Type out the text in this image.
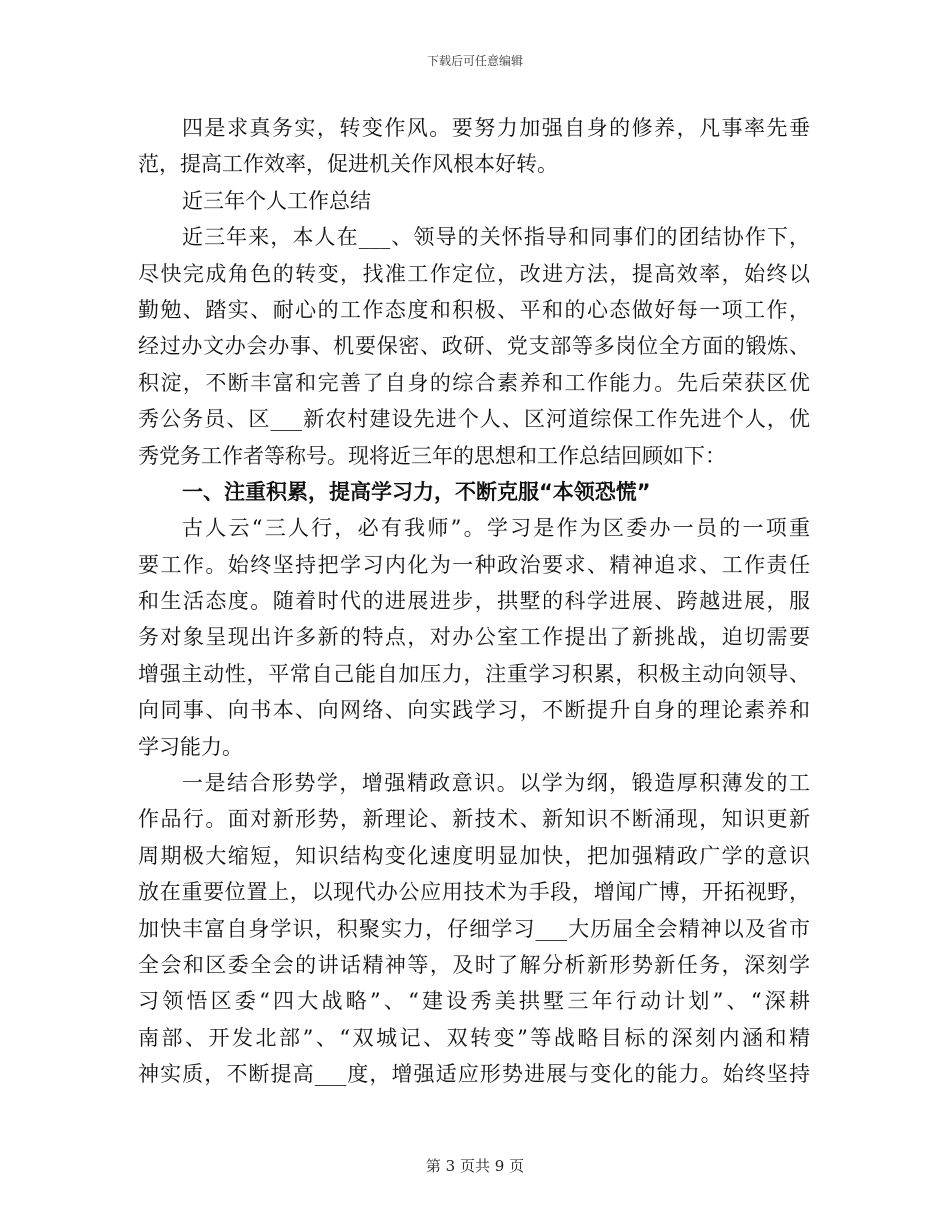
下载后可任意编辑
四是求真务实，转变作风。要努力加强自身的修养，凡事率先垂
范，提高工作效率，促进机关作风根本好转。
近三年个人工作总结
近三年来，本人在___、领导的关怀指导和同事们的团结协作下，
尽快完成角色的转变，找准工作定位，改进方法，提高效率，始终以
勤勉、踏实、耐心的工作态度和积极、平和的心态做好每一项工作，
经过办文办会办事、机要保密、政研、党支部等多岗位全方面的锻炼、
积淀，不断丰富和完善了自身的综合素养和工作能力。先后荣获区优
秀公务员、区___新农村建设先进个人、区河道综保工作先进个人，优
秀党务工作者等称号。现将近三年的思想和工作总结回顾如下：
一、注重积累，提高学习力，不断克服“本领恐慌”
古人云“三人行，必有我师”。学习是作为区委办一员的一项重
要工作。始终坚持把学习内化为一种政治要求、精神追求、工作责任
和生活态度。随着时代的进展进步，拱墅的科学进展、跨越进展，服
务对象呈现出许多新的特点，对办公室工作提出了新挑战，迫切需要
增强主动性，平常自己能自加压力，注重学习积累，积极主动向领导、
向同事、向书本、向网络、向实践学习，不断提升自身的理论素养和
学习能力。
一是结合形势学，增强精政意识。以学为纲，锻造厚积薄发的工
作品行。面对新形势，新理论、新技术、新知识不断涌现，知识更新
周期极大缩短，知识结构变化速度明显加快，把加强精政广学的意识
放在重要位置上，以现代办公应用技术为手段，增闻广博，开拓视野，
加快丰富自身学识，积聚实力，仔细学习___大历届全会精神以及省市
全会和区委全会的讲话精神等，及时了解分析新形势新任务，深刻学
习领悟区委“四大战略”、“建设秀美拱墅三年行动计划”、“深耕
南部、开发北部”、“双城记、双转变”等战略目标的深刻内涵和精
神实质，不断提高___度，增强适应形势进展与变化的能力。始终坚持
第 3 页共 9 页
